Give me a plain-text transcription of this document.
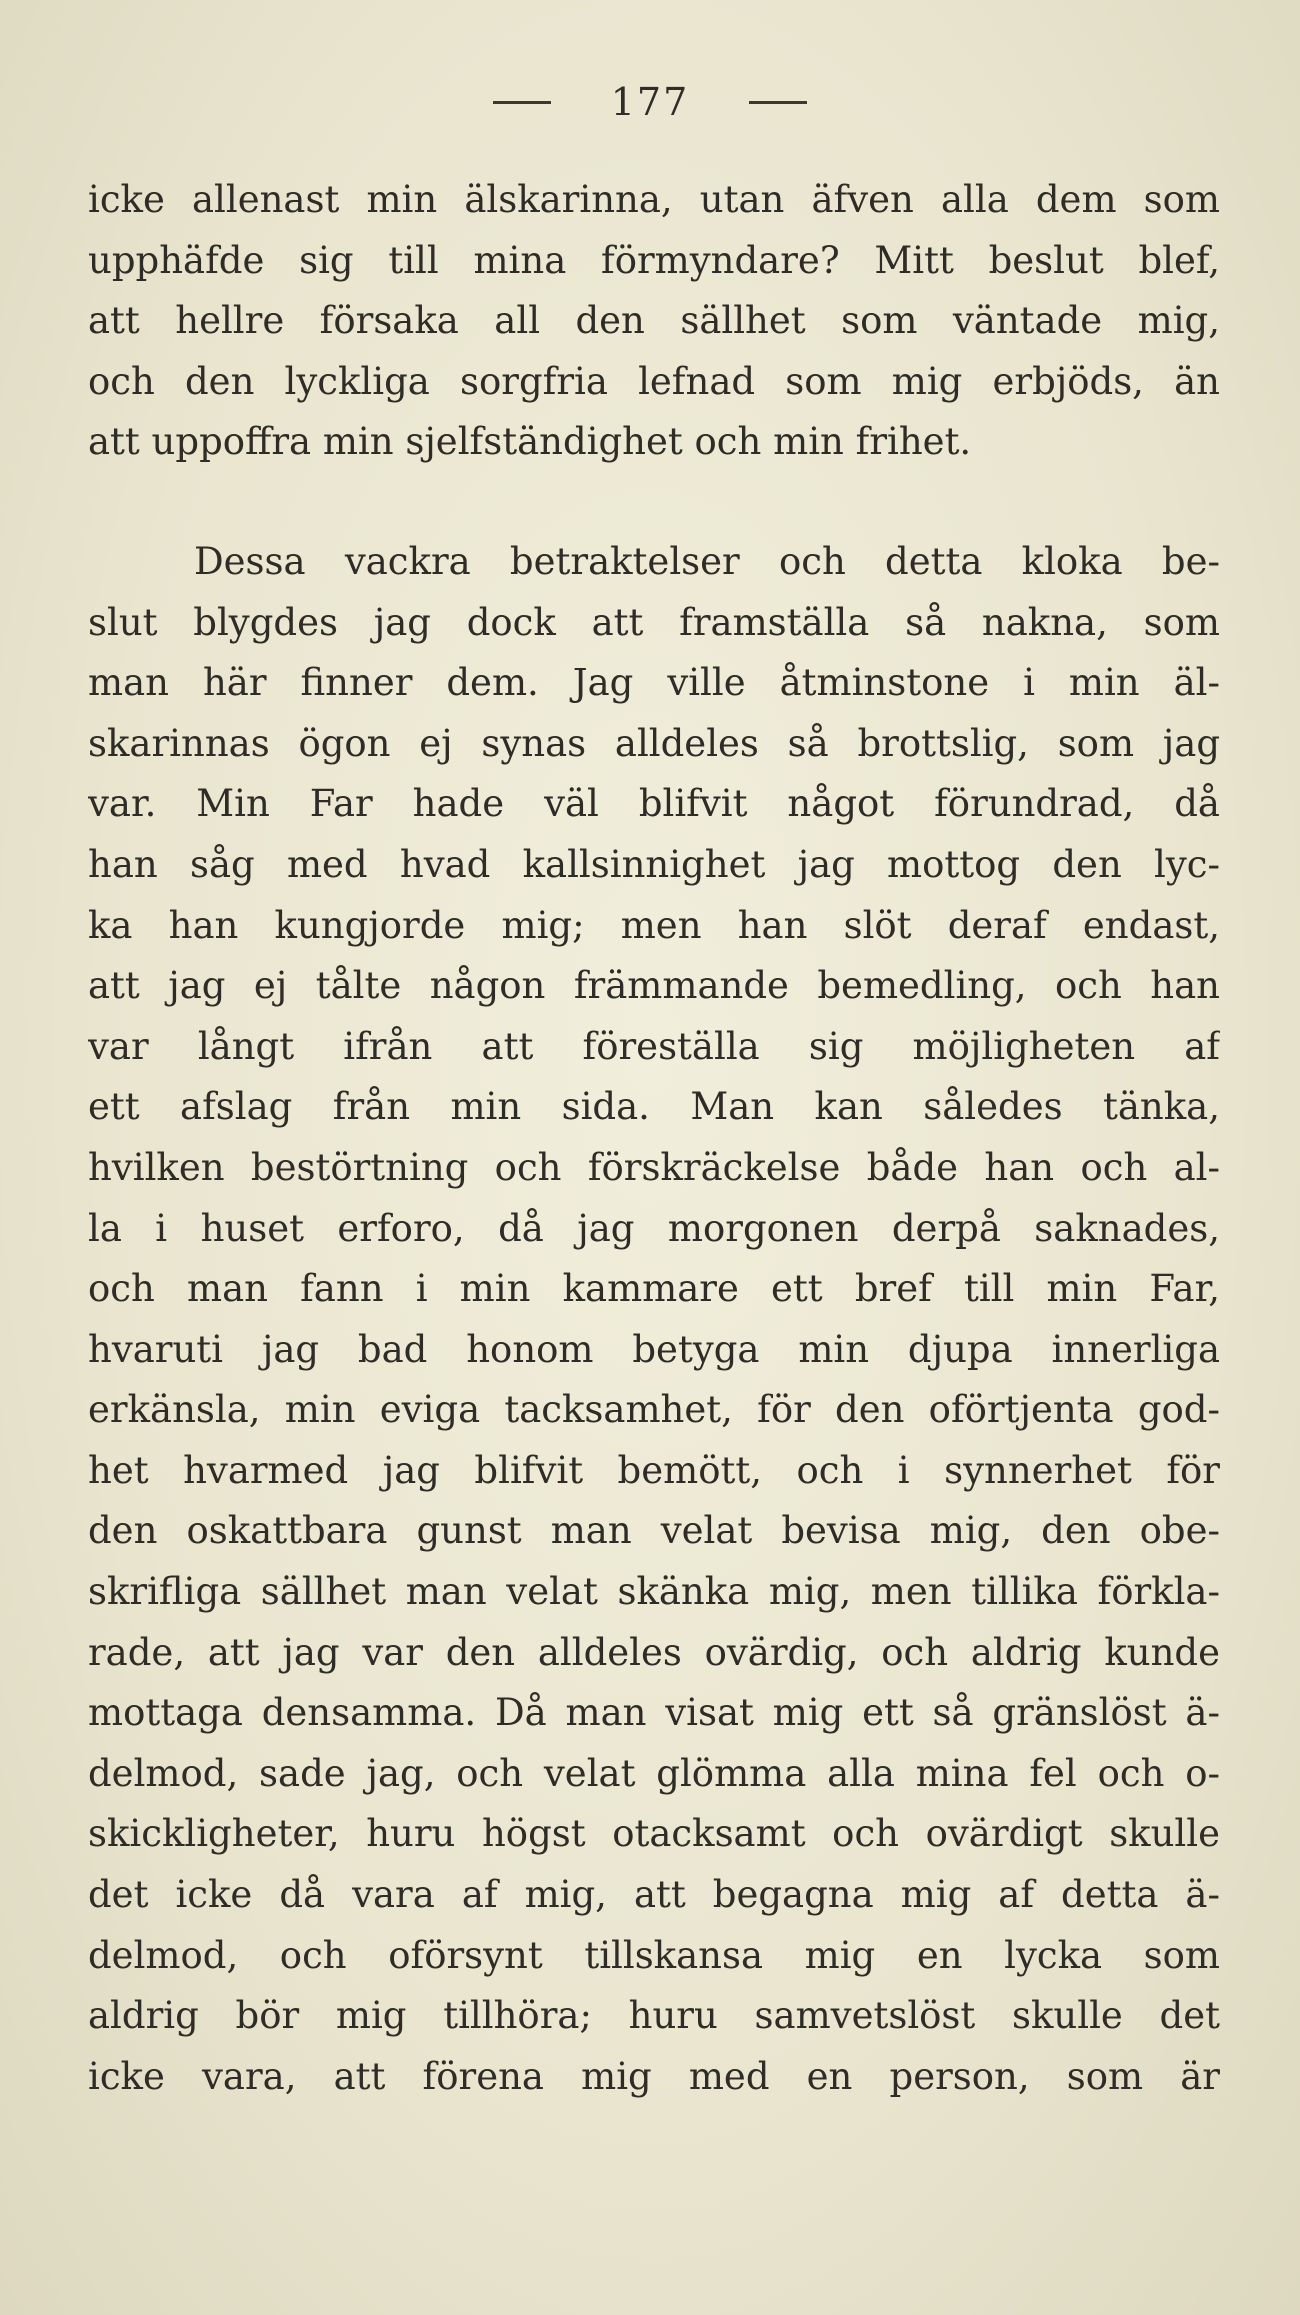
177
icke allenast min älskarinna, utan äfven alla dem som
upphäfde sig till mina förmyndare? Mitt beslut blef,
att hellre försaka all den sällhet som väntade mig,
och den lyckliga sorgfria lefnad som mig erbjöds, än
att uppoffra min sjelfständighet och min frihet.
Dessa vackra betraktelser och detta kloka be-
slut blygdes jag dock att framställa så nakna, som
man här finner dem. Jag ville åtminstone i min äl-
skarinnas ögon ej synas alldeles så brottslig, som jag
var. Min Far hade väl blifvit något förundrad, då
han såg med hvad kallsinnighet jag mottog den lyc-
ka han kungjorde mig; men han slöt deraf endast,
att jag ej tålte någon främmande bemedling, och han
var långt ifrån att föreställa sig möjligheten af
ett afslag från min sida. Man kan således tänka,
hvilken bestörtning och förskräckelse både han och al-
la i huset erforo, då jag morgonen derpå saknades,
och man fann i min kammare ett bref till min Far,
hvaruti jag bad honom betyga min djupa innerliga
erkänsla, min eviga tacksamhet, för den oförtjenta god-
het hvarmed jag blifvit bemött, och i synnerhet för
den oskattbara gunst man velat bevisa mig, den obe-
skrifliga sällhet man velat skänka mig, men tillika förkla-
rade, att jag var den alldeles ovärdig, och aldrig kunde
mottaga densamma. Då man visat mig ett så gränslöst ä-
delmod, sade jag, och velat glömma alla mina fel och o-
skickligheter, huru högst otacksamt och ovärdigt skulle
det icke då vara af mig, att begagna mig af detta ä-
delmod, och oförsynt tillskansa mig en lycka som
aldrig bör mig tillhöra; huru samvetslöst skulle det
icke vara, att förena mig med en person, som är
